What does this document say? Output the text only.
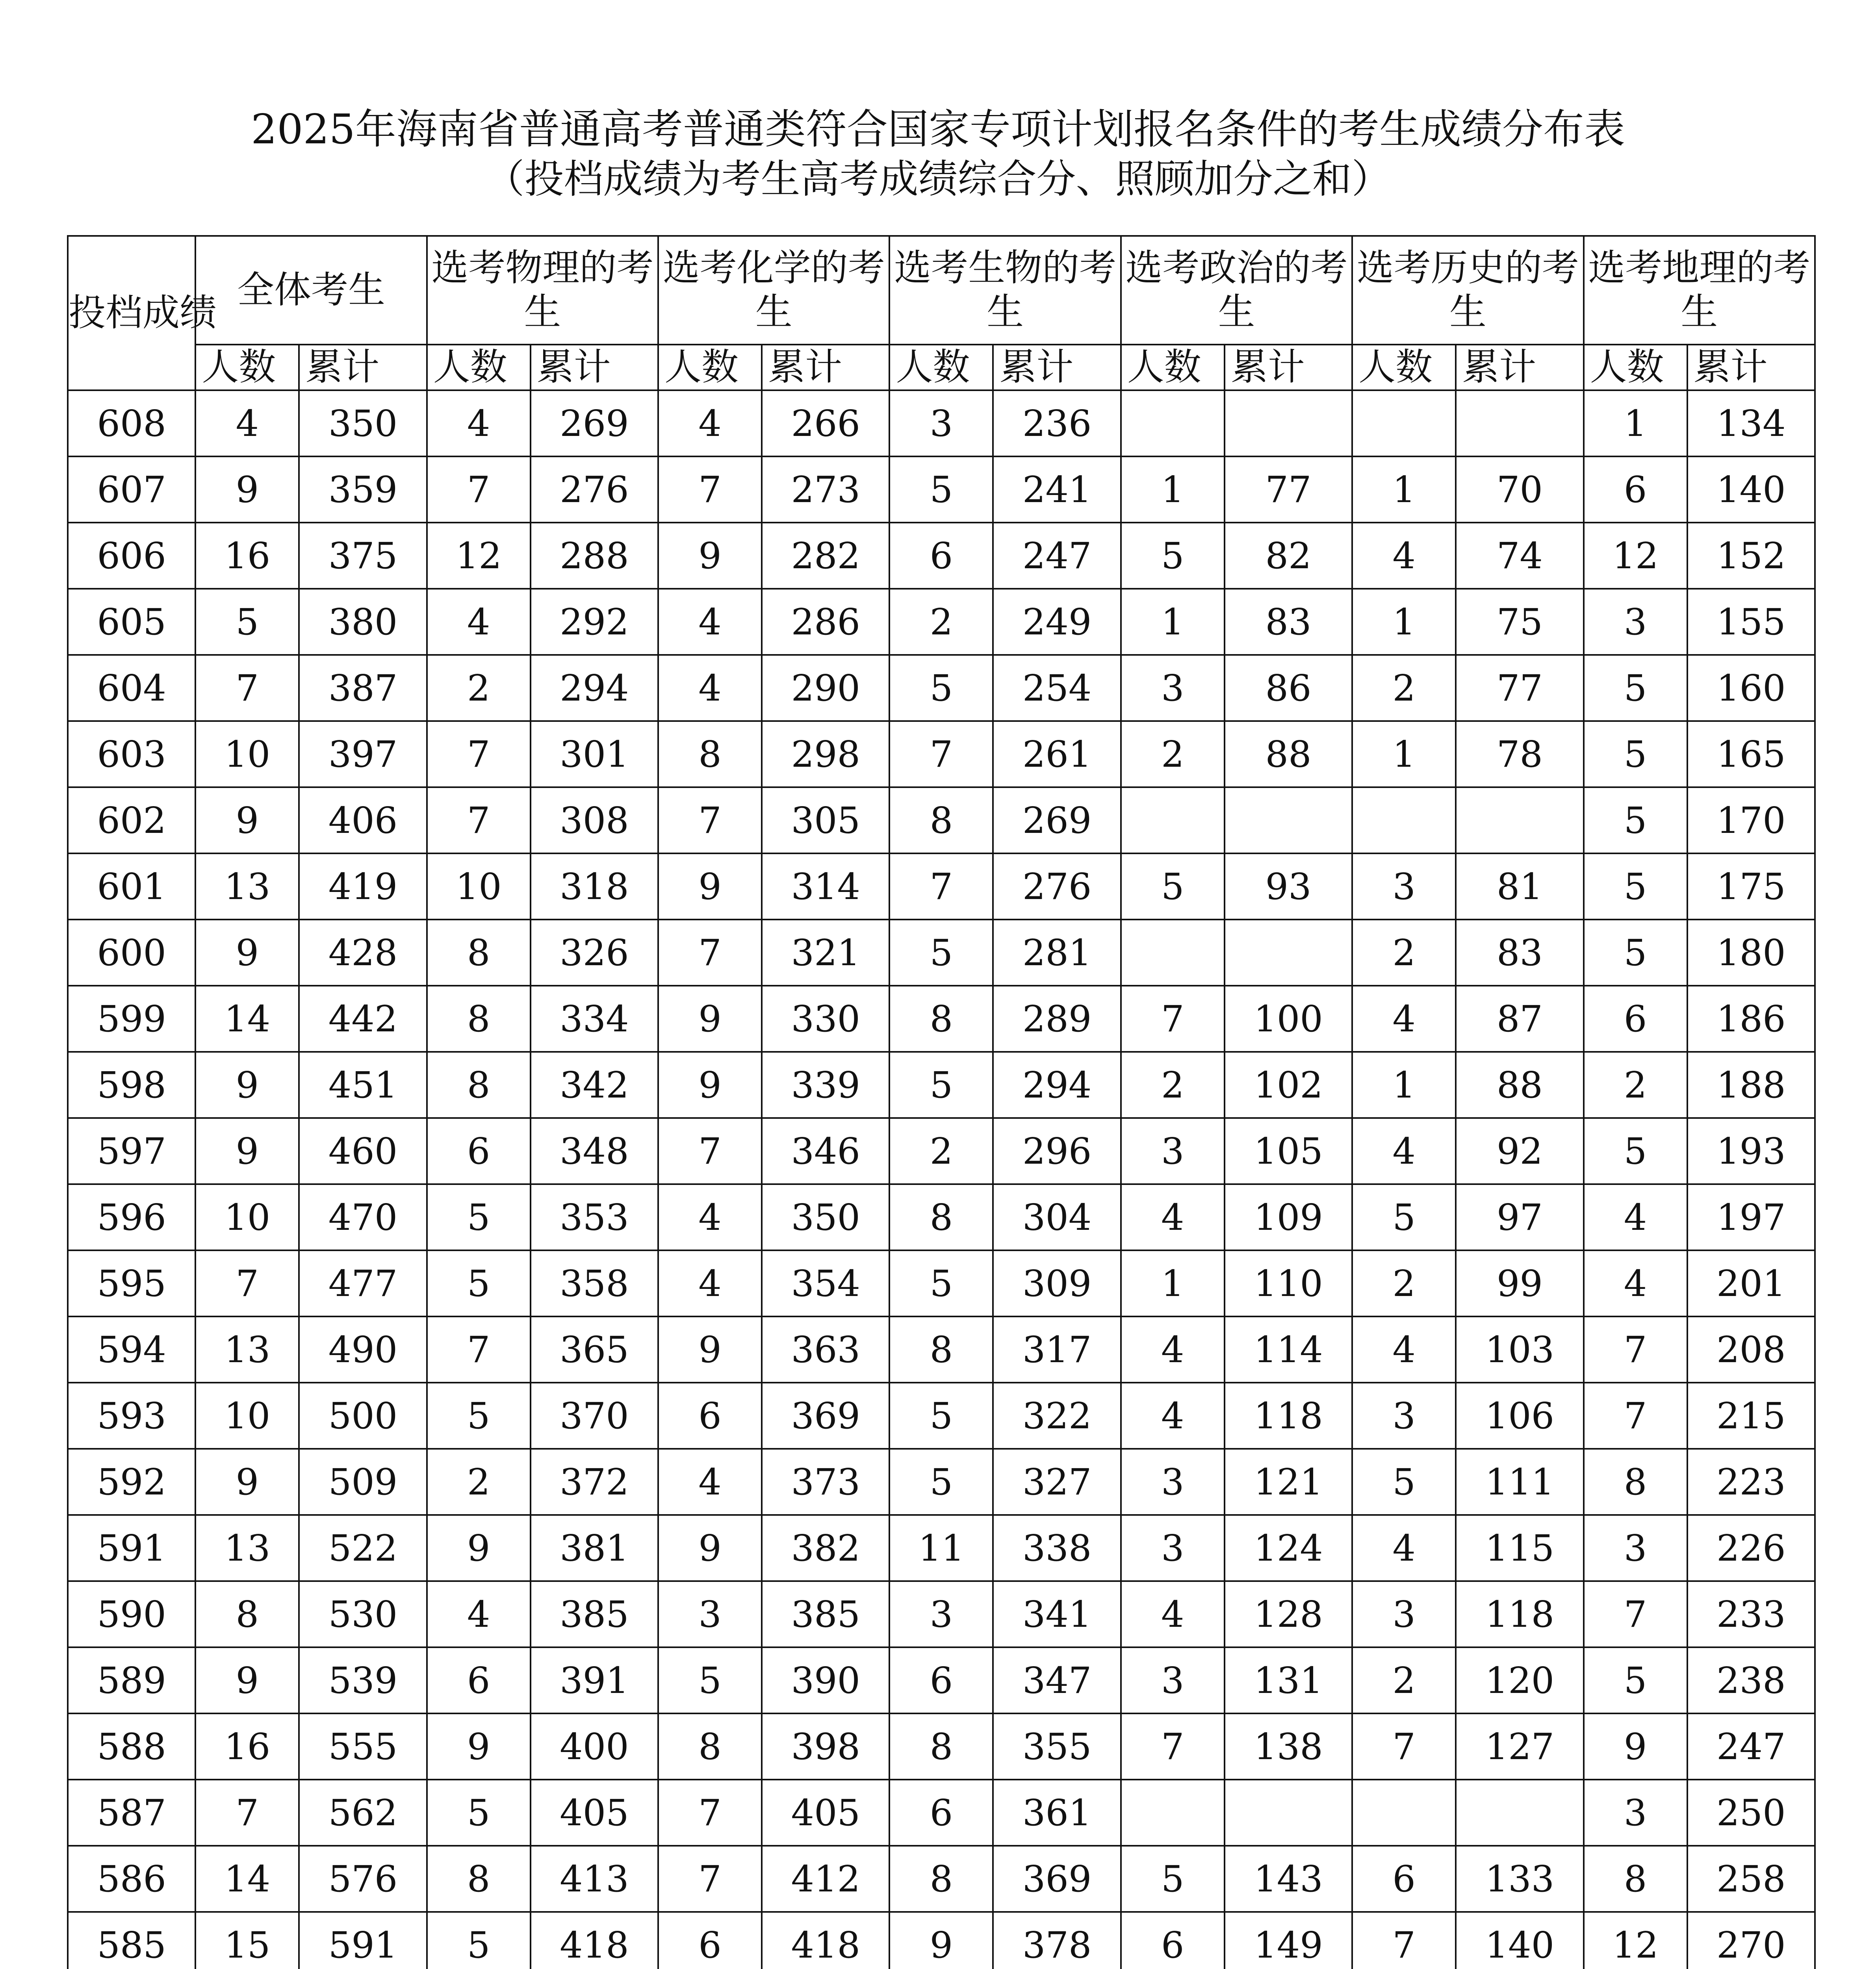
2025年海南省普通高考普通类符合国家专项计划报名条件的考生成绩分布表
（投档成绩为考生高考成绩综合分、照顾加分之和）
投档成绩	全体考生		选考物理的考生		选考化学的考生		选考生物的考生		选考政治的考生		选考历史的考生		选考地理的考生	
	人数	累计	人数	累计	人数	累计	人数	累计	人数	累计	人数	累计	人数	累计
608	4	350	4	269	4	266	3	236					1	134
607	9	359	7	276	7	273	5	241	1	77	1	70	6	140
606	16	375	12	288	9	282	6	247	5	82	4	74	12	152
605	5	380	4	292	4	286	2	249	1	83	1	75	3	155
604	7	387	2	294	4	290	5	254	3	86	2	77	5	160
603	10	397	7	301	8	298	7	261	2	88	1	78	5	165
602	9	406	7	308	7	305	8	269					5	170
601	13	419	10	318	9	314	7	276	5	93	3	81	5	175
600	9	428	8	326	7	321	5	281			2	83	5	180
599	14	442	8	334	9	330	8	289	7	100	4	87	6	186
598	9	451	8	342	9	339	5	294	2	102	1	88	2	188
597	9	460	6	348	7	346	2	296	3	105	4	92	5	193
596	10	470	5	353	4	350	8	304	4	109	5	97	4	197
595	7	477	5	358	4	354	5	309	1	110	2	99	4	201
594	13	490	7	365	9	363	8	317	4	114	4	103	7	208
593	10	500	5	370	6	369	5	322	4	118	3	106	7	215
592	9	509	2	372	4	373	5	327	3	121	5	111	8	223
591	13	522	9	381	9	382	11	338	3	124	4	115	3	226
590	8	530	4	385	3	385	3	341	4	128	3	118	7	233
589	9	539	6	391	5	390	6	347	3	131	2	120	5	238
588	16	555	9	400	8	398	8	355	7	138	7	127	9	247
587	7	562	5	405	7	405	6	361					3	250
586	14	576	8	413	7	412	8	369	5	143	6	133	8	258
585	15	591	5	418	6	418	9	378	6	149	7	140	12	270
